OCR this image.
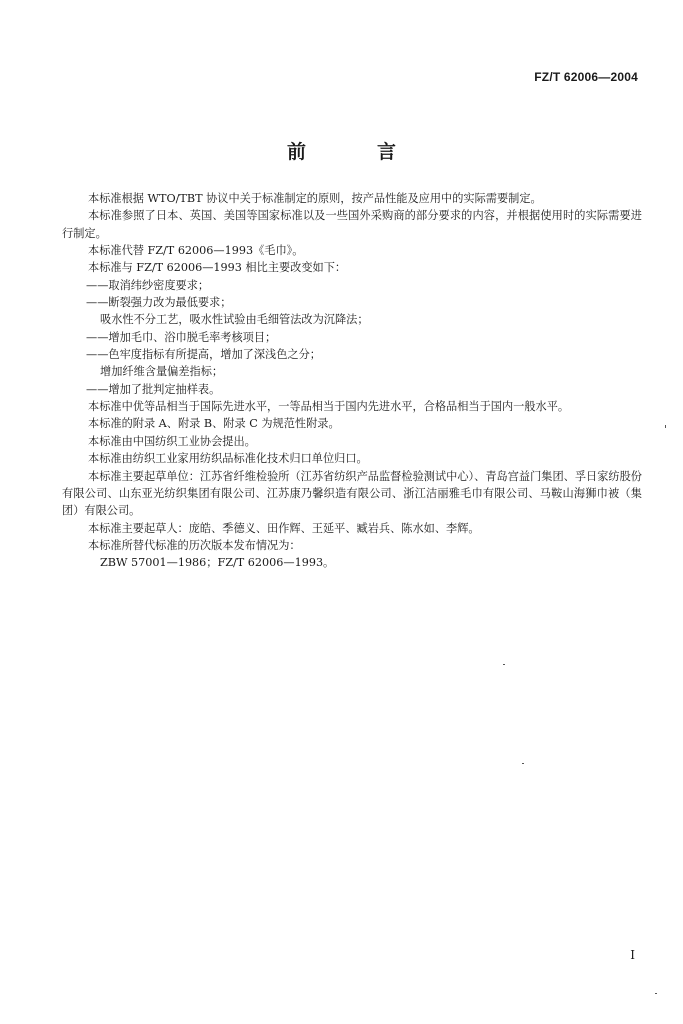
FZ/T 62006—2004
前　言

本标准根据 WTO/TBT 协议中关于标准制定的原则，按产品性能及应用中的实际需要制定。

本标准参照了日本、英国、美国等国家标准以及一些国外采购商的部分要求的内容，并根据使用时的实际需要进行制定。

本标准代替 FZ/T 62006—1993《毛巾》。

本标准与 FZ/T 62006—1993 相比主要改变如下：

——取消纬纱密度要求；

——断裂强力改为最低要求；

吸水性不分工艺，吸水性试验由毛细管法改为沉降法；

——增加毛巾、浴巾脱毛率考核项目；

——色牢度指标有所提高，增加了深浅色之分；

增加纤维含量偏差指标；

——增加了批判定抽样表。

本标准中优等品相当于国际先进水平，一等品相当于国内先进水平，合格品相当于国内一般水平。

本标准的附录 A、附录 B、附录 C 为规范性附录。

本标准由中国纺织工业协会提出。

本标准由纺织工业家用纺织品标准化技术归口单位归口。

本标准主要起草单位：江苏省纤维检验所（江苏省纺织产品监督检验测试中心）、青岛宫益门集团、孚日家纺股份有限公司、山东亚光纺织集团有限公司、江苏康乃馨织造有限公司、浙江洁丽雅毛巾有限公司、马鞍山海狮巾被（集团）有限公司。

本标准主要起草人：庞皓、季德义、田作辉、王延平、臧岩兵、陈水如、李辉。

本标准所替代标准的历次版本发布情况为：

ZBW 57001—1986；FZ/T 62006—1993。

I
